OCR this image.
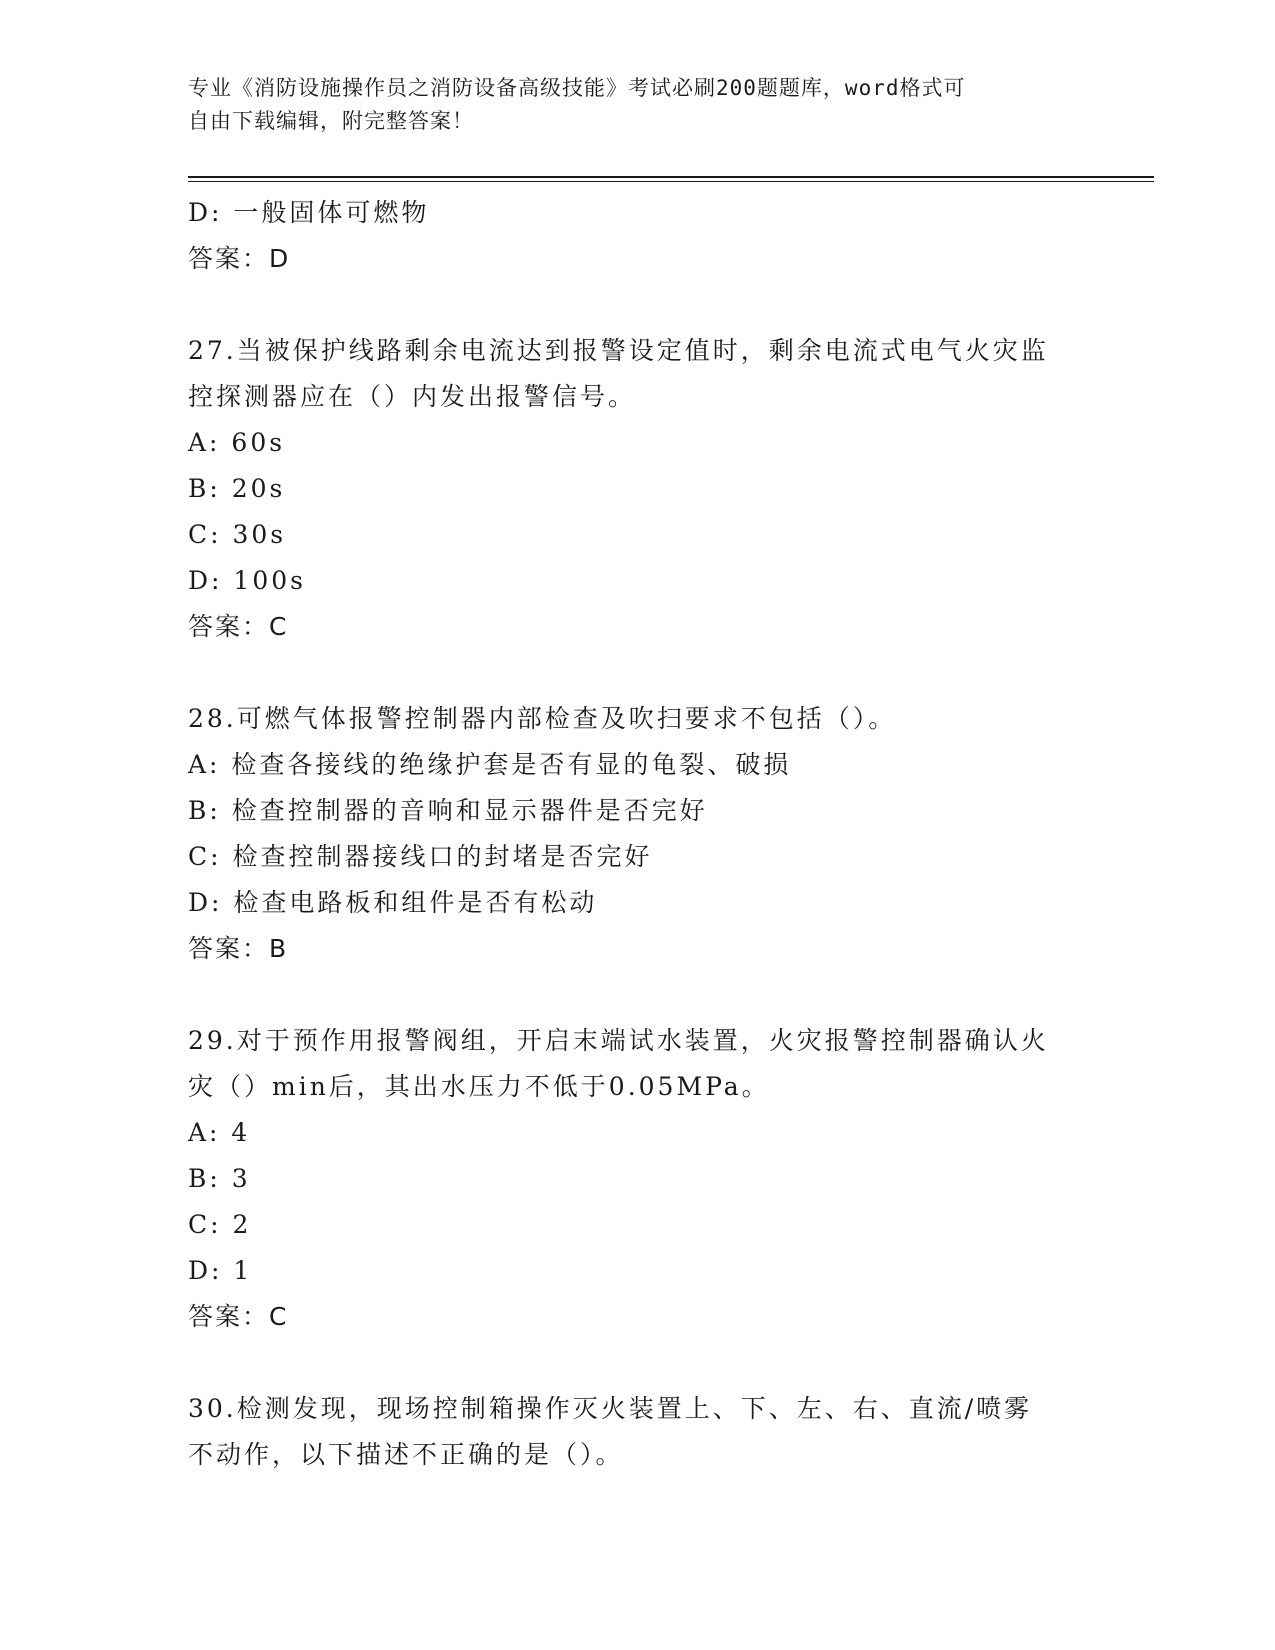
专业《消防设施操作员之消防设备高级技能》考试必刷200题题库，word格式可
自由下载编辑，附完整答案！

D: 一般固体可燃物

答案：D

27.当被保护线路剩余电流达到报警设定值时，剩余电流式电气火灾监

控探测器应在（）内发出报警信号。

A: 60s

B: 20s

C: 30s

D: 100s

答案：C

28.可燃气体报警控制器内部检查及吹扫要求不包括（）。

A: 检查各接线的绝缘护套是否有显的龟裂、破损

B: 检查控制器的音响和显示器件是否完好

C: 检查控制器接线口的封堵是否完好

D: 检查电路板和组件是否有松动

答案：B

29.对于预作用报警阀组，开启末端试水装置，火灾报警控制器确认火

灾（）min后，其出水压力不低于0.05MPa。

A: 4

B: 3

C: 2

D: 1

答案：C

30.检测发现，现场控制箱操作灭火装置上、下、左、右、直流/喷雾

不动作，以下描述不正确的是（）。
